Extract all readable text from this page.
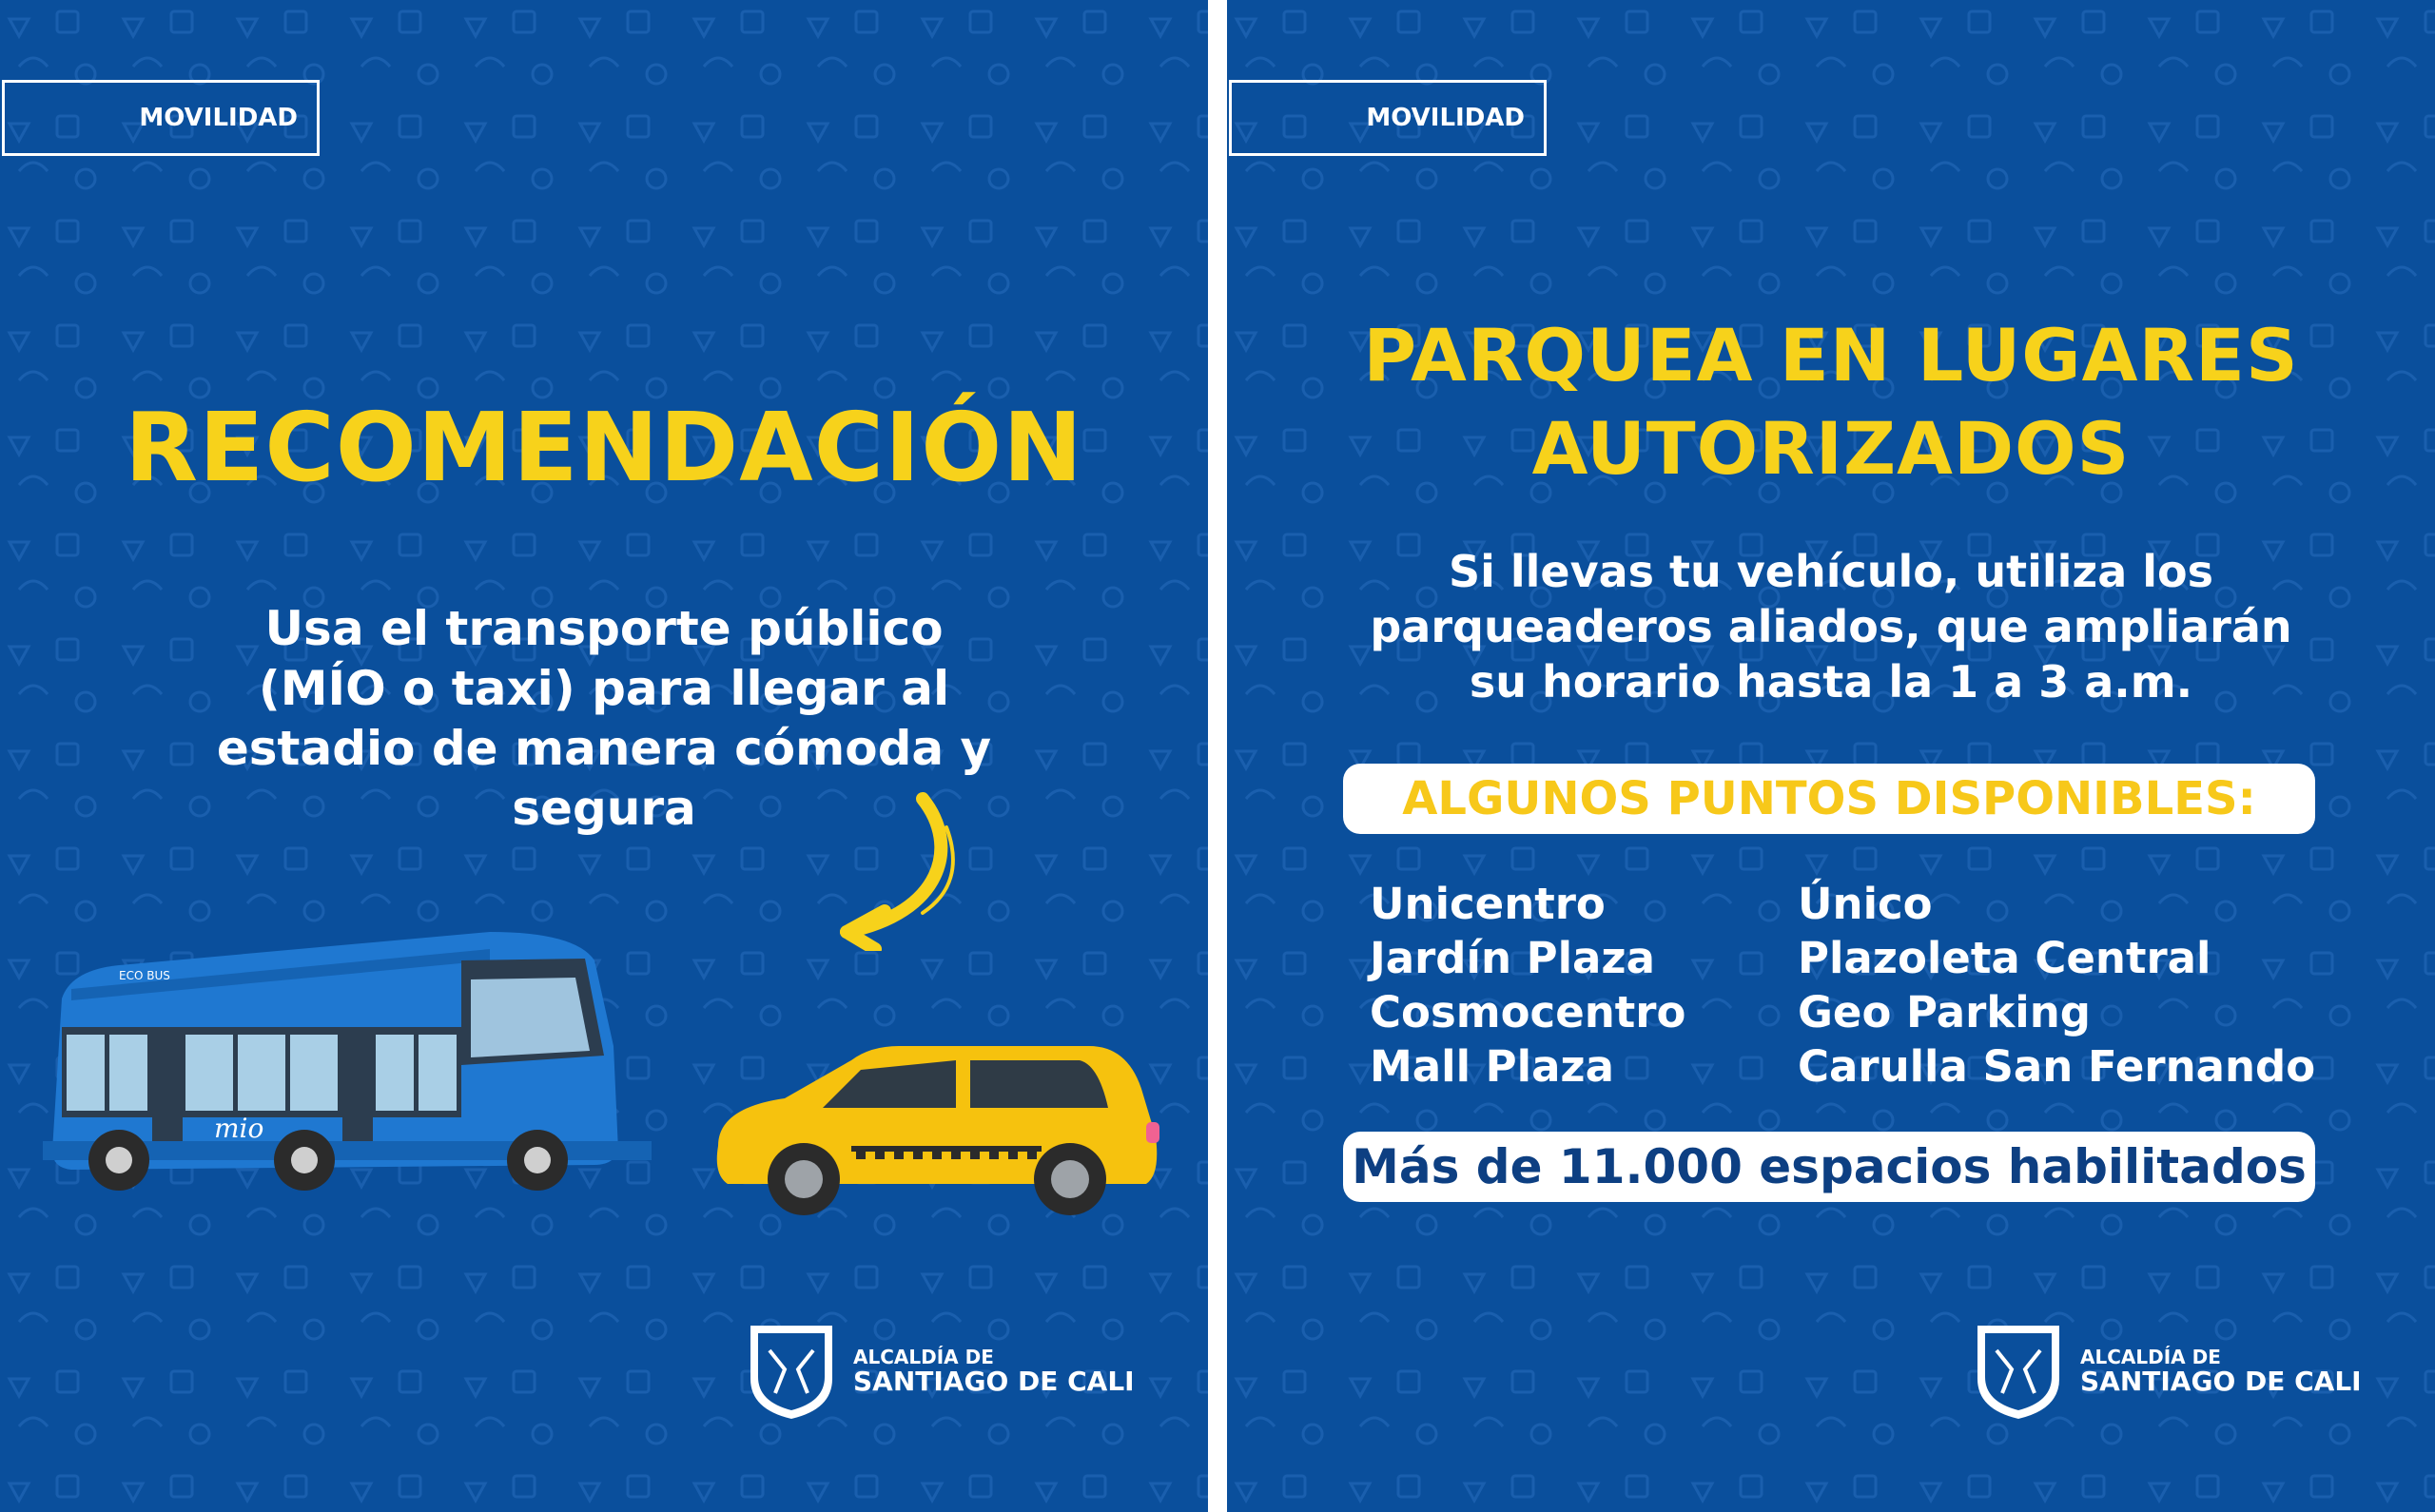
MOVILIDAD
RECOMENDACIÓN
Usa el transporte público
(MÍO o taxi) para llegar al
estadio de manera cómoda y
segura
mio
ECO BUS
ALCALDÍA DE
SANTIAGO DE CALI
MOVILIDAD
PARQUEA EN LUGARES
AUTORIZADOS
Si llevas tu vehículo, utiliza los
parqueaderos aliados, que ampliarán
su horario hasta la 1 a 3 a.m.
ALGUNOS PUNTOS DISPONIBLES:
Unicentro
Jardín Plaza
Cosmocentro
Mall Plaza
Único
Plazoleta Central
Geo Parking
Carulla San Fernando
Más de 11.000 espacios habilitados
ALCALDÍA DE
SANTIAGO DE CALI
